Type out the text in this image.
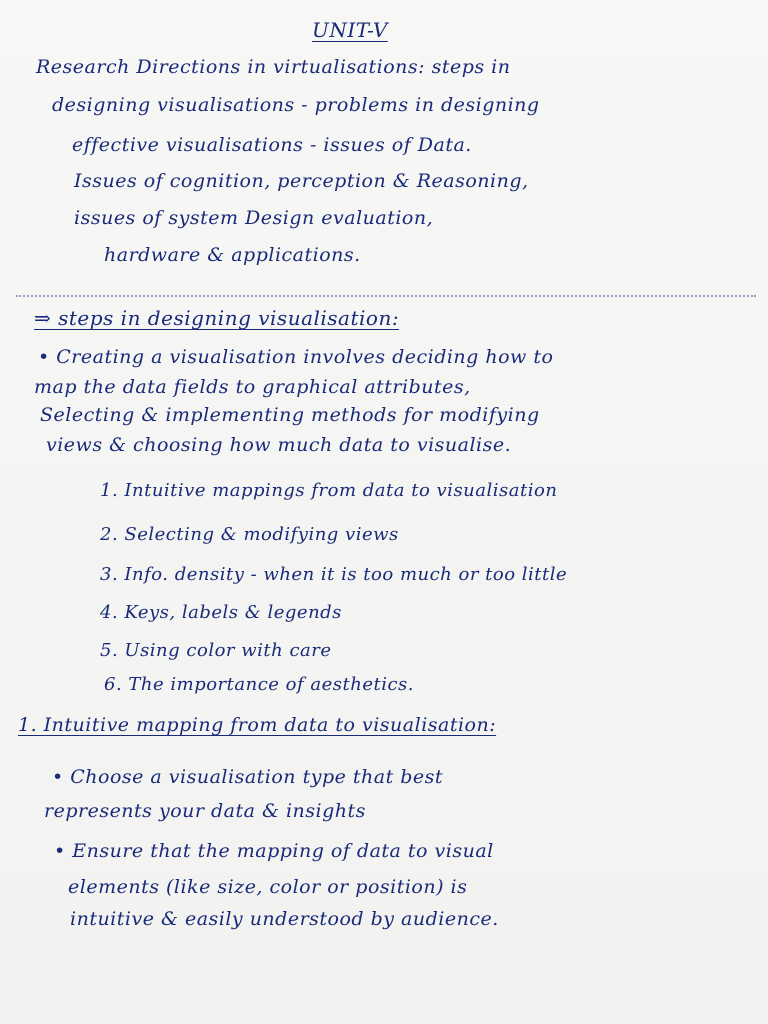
UNIT-V
Research Directions in virtualisations: steps in
designing visualisations - problems in designing
effective visualisations - issues of Data.
Issues of cognition, perception & Reasoning,
issues of system Design evaluation,
hardware & applications.
⇒ steps in designing visualisation:
• Creating a visualisation involves deciding how to
map the data fields to graphical attributes,
Selecting & implementing methods for modifying
views & choosing how much data to visualise.
1. Intuitive mappings from data to visualisation
2. Selecting & modifying views
3. Info. density - when it is too much or too little
4. Keys, labels & legends
5. Using color with care
6. The importance of aesthetics.
1. Intuitive mapping from data to visualisation:
• Choose a visualisation type that best
represents your data & insights
• Ensure that the mapping of data to visual
elements (like size, color or position) is
intuitive & easily understood by audience.
